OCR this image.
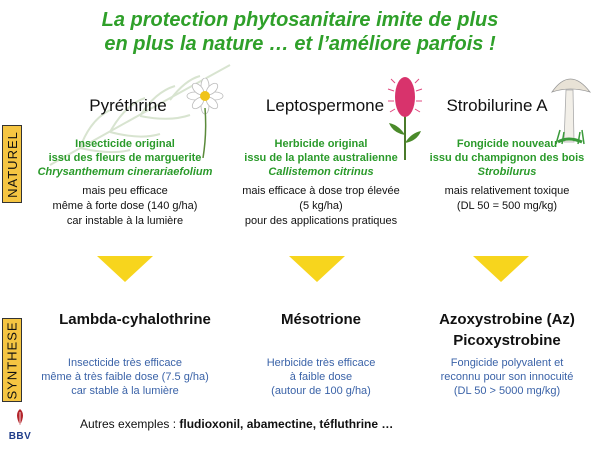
La protection phytosanitaire imite de plus
en plus la nature … et l’améliore parfois !
NATUREL
SYNTHESE
Pyréthrine
Insecticide original
issu des fleurs de marguerite
Chrysanthemum cinerariaefolium
mais peu efficace
même à forte dose (140 g/ha)
car instable à la lumière
Lambda-cyhalothrine
Insecticide très efficace
même à très faible dose (7.5 g/ha)
car stable à la lumière
Leptospermone
Herbicide original
issu de la plante australienne
Callistemon citrinus
mais efficace à dose trop élevée
(5 kg/ha)
pour des applications pratiques
Mésotrione
Herbicide très efficace
à faible dose
(autour de 100 g/ha)
Strobilurine A
Fongicide nouveau
issu du champignon des bois
Strobilurus
mais relativement toxique
(DL 50 = 500 mg/kg)
Azoxystrobine (Az)
Picoxystrobine
Fongicide polyvalent et
reconnu pour son innocuité
(DL 50 > 5000 mg/kg)
Autres exemples : fludioxonil, abamectine, téfluthrine …
BBV
